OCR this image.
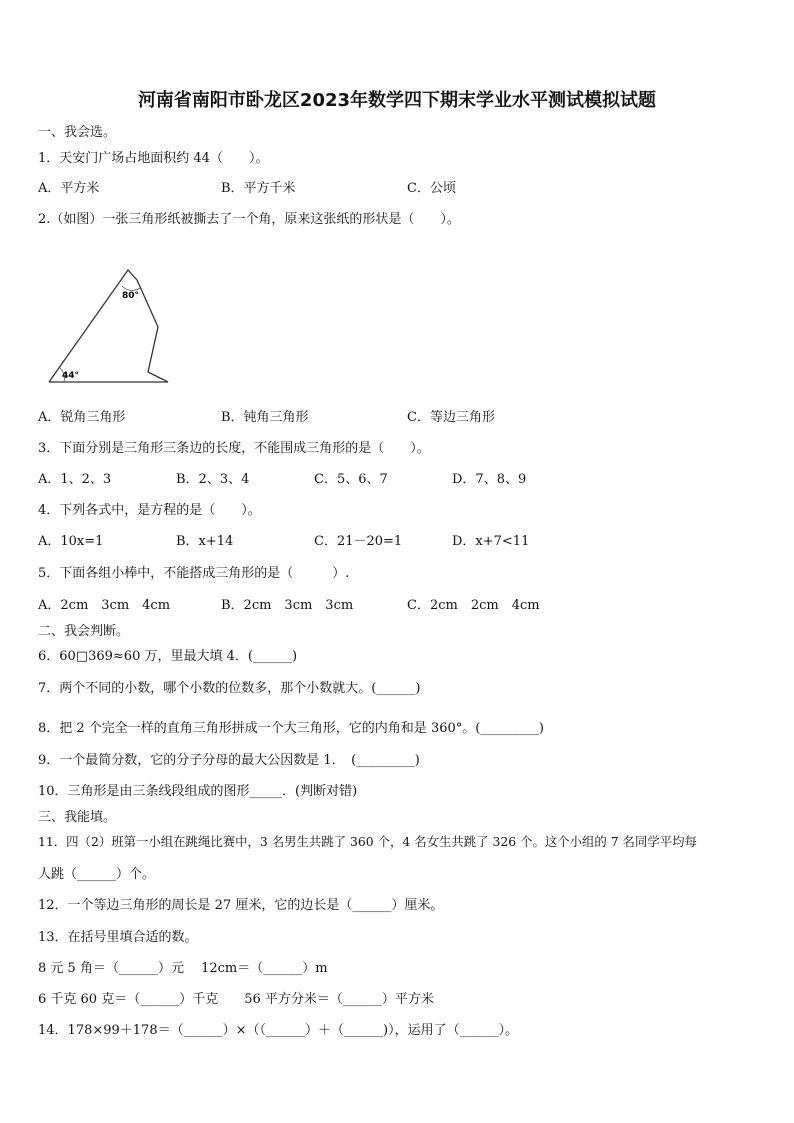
河南省南阳市卧龙区2023年数学四下期末学业水平测试模拟试题
一、我会选。
1．天安门广场占地面积约 44（　　）。
A．平方米	B．平方千米	C．公顷
2.（如图）一张三角形纸被撕去了一个角，原来这张纸的形状是（　　）。
80°
44°
A．锐角三角形	B．钝角三角形	C．等边三角形
3．下面分别是三角形三条边的长度，不能围成三角形的是（　　）。
A．1、2、3	B．2、3、4	C．5、6、7	D．7、8、9
4．下列各式中，是方程的是（　　）。
A．10x=1	B．x+14	C．21－20=1	D．x+7<11
5．下面各组小棒中，不能搭成三角形的是（　　　）.
A．2cm　3cm　4cm	B．2cm　3cm　3cm	C．2cm　2cm　4cm
二、我会判断。
6．60□369≈60 万，里最大填 4．(______)
7．两个不同的小数，哪个小数的位数多，那个小数就大。(______)
8．把 2 个完全一样的直角三角形拼成一个大三角形，它的内角和是 360°。(_________)
9．一个最简分数，它的分子分母的最大公因数是 1．　(_________)
10．三角形是由三条线段组成的图形_____．(判断对错)
三、我能填。
11．四（2）班第一小组在跳绳比赛中，3 名男生共跳了 360 个，4 名女生共跳了 326 个。这个小组的 7 名同学平均每
人跳（______）个。
12．一个等边三角形的周长是 27 厘米，它的边长是（______）厘米。
13．在括号里填合适的数。
8 元 5 角＝（______）元　 12cm＝（______）m
6 千克 60 克＝（______）千克　　56 平方分米＝（______）平方米
14．178×99＋178＝（______）×（（______）＋（______)），运用了（______）。
